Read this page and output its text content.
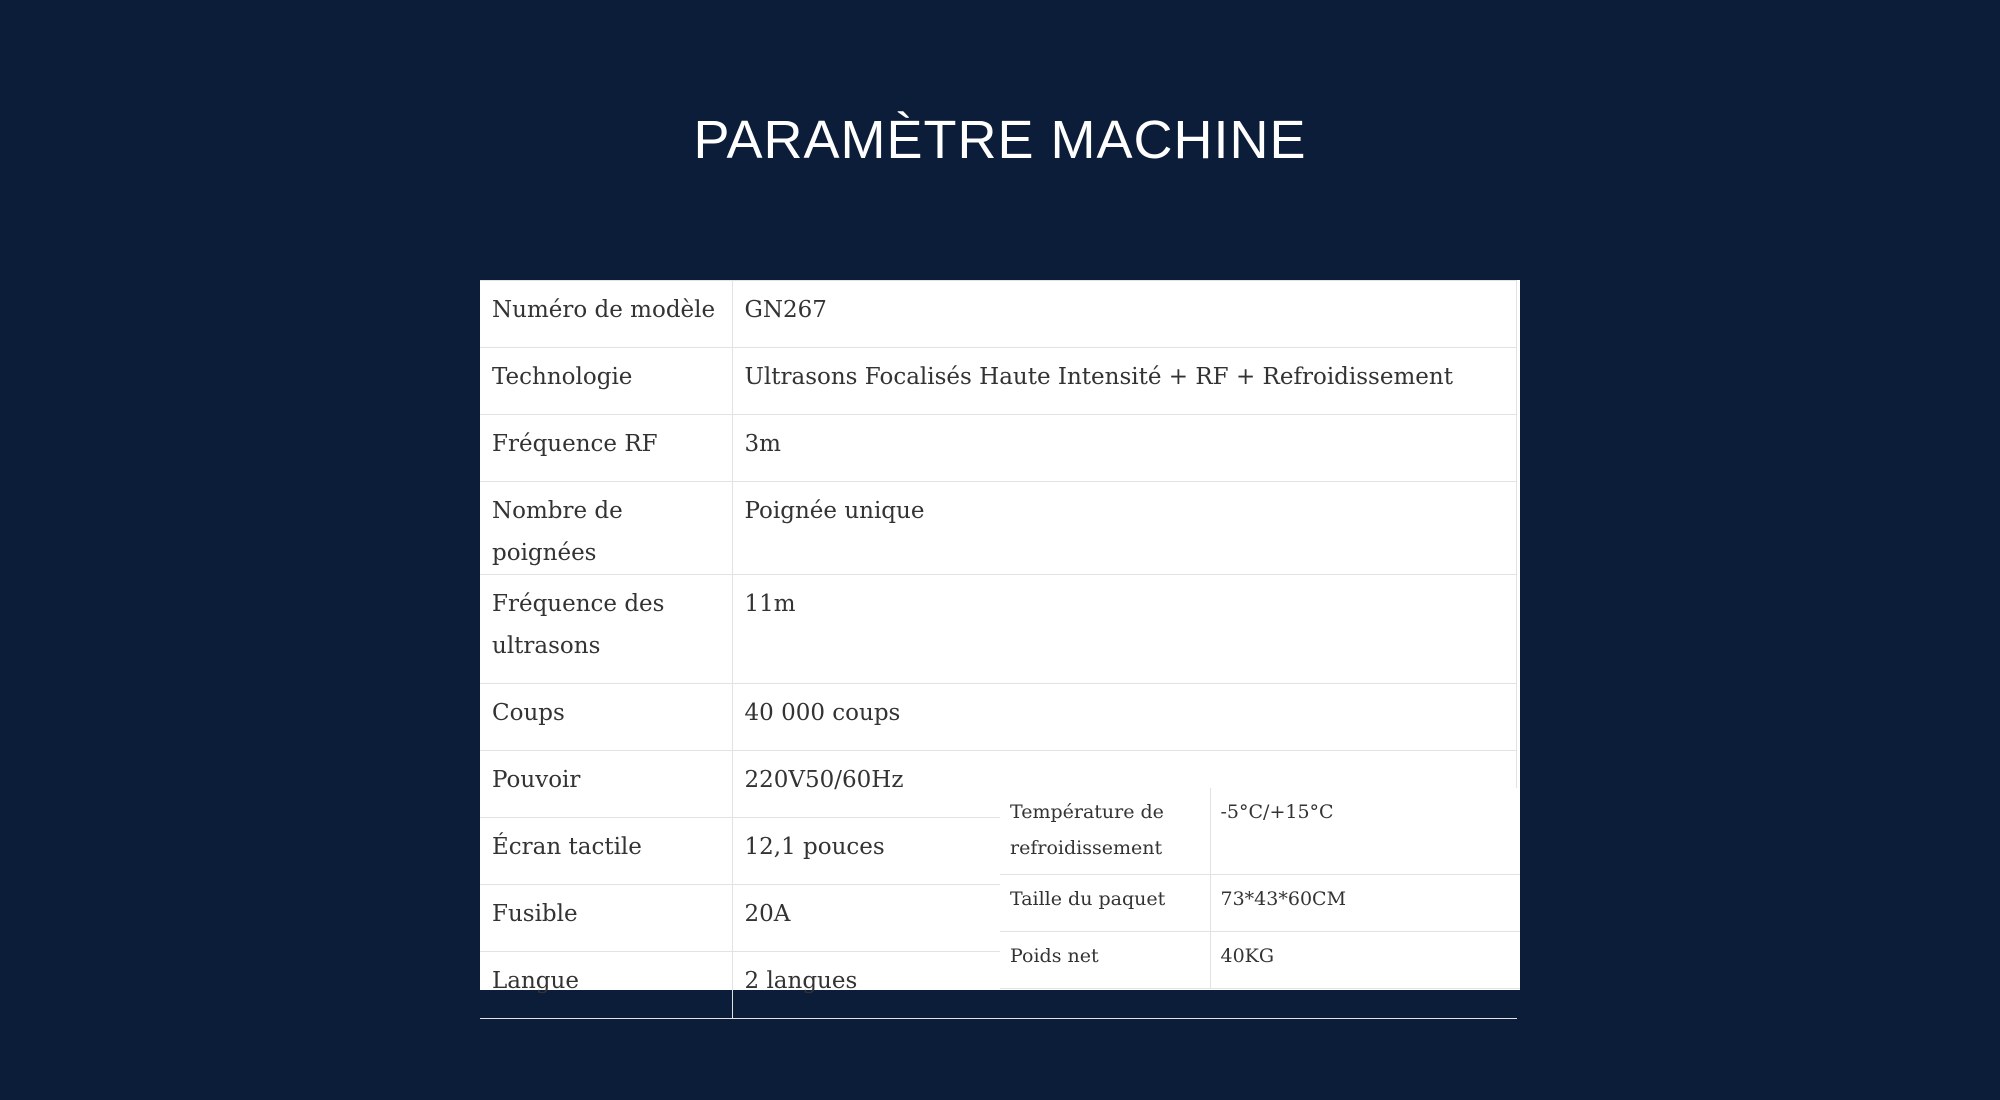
PARAMÈTRE MACHINE
Numéro de modèle	GN267
Technologie	Ultrasons Focalisés Haute Intensité + RF + Refroidissement
Fréquence RF	3m
Nombre de poignées	Poignée unique
Fréquence des ultrasons	11m
Coups	40 000 coups
Pouvoir	220V50/60Hz
Écran tactile	12,1 pouces
Fusible	20A
Langue	2 langues
Température de refroidissement	-5°C/+15°C
Taille du paquet	73*43*60CM
Poids net	40KG
